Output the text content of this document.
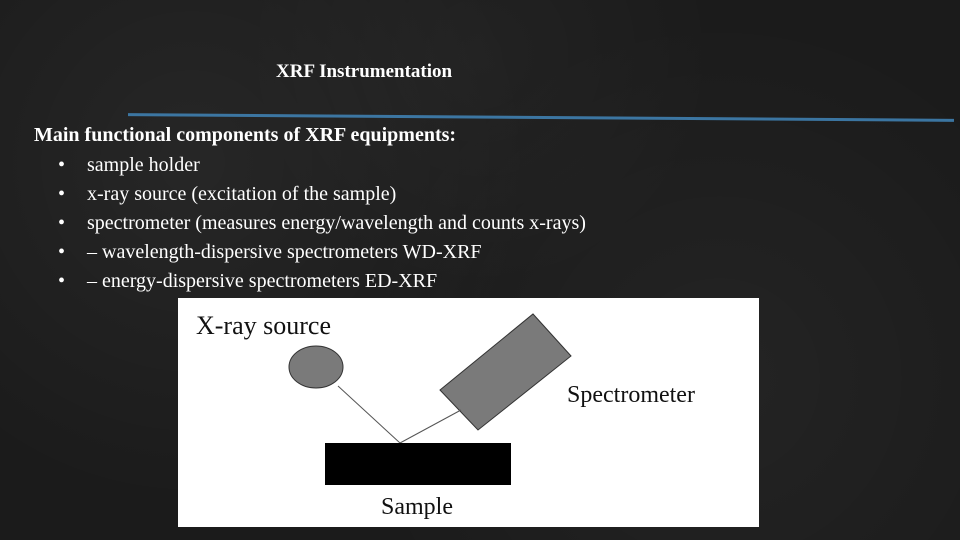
XRF Instrumentation
Main functional components of XRF equipments:
• sample holder
• x-ray source (excitation of the sample)
• spectrometer (measures energy/wavelength and counts x-rays)
• – wavelength-dispersive spectrometers WD-XRF
• – energy-dispersive spectrometers ED-XRF
X-ray source
Spectrometer
Sample
